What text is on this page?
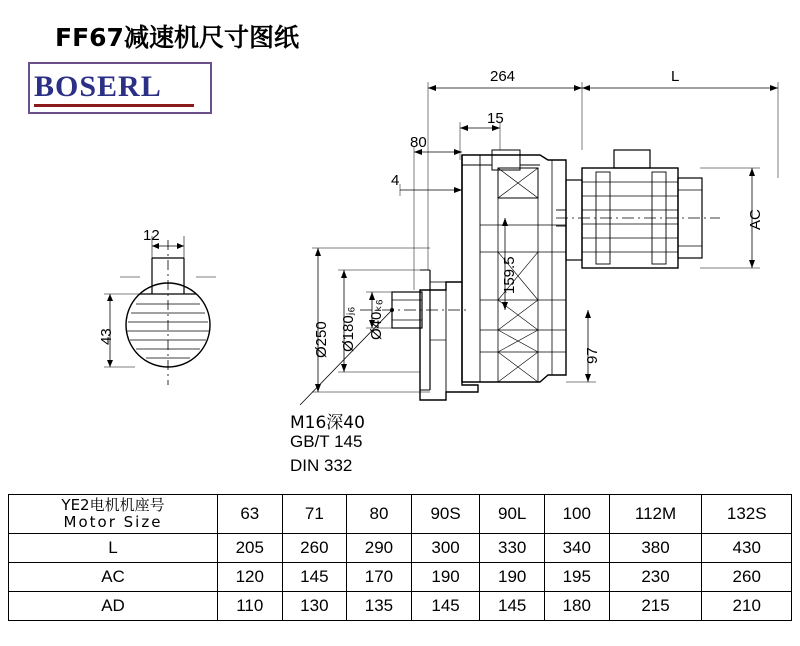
FF67减速机尺寸图纸
BOSERL
12
43
264	L
15
80
4
AC
159.5
97
Ø250 Ø180ⱼ₆ Ø40ₖ₆
M16深40
GB/T 145
DIN 332
YE2电机机座号
Motor Size	63	71	80	90S	90L	100	112M	132S
L	205	260	290	300	330	340	380	430
AC	120	145	170	190	190	195	230	260
AD	110	130	135	145	145	180	215	210
